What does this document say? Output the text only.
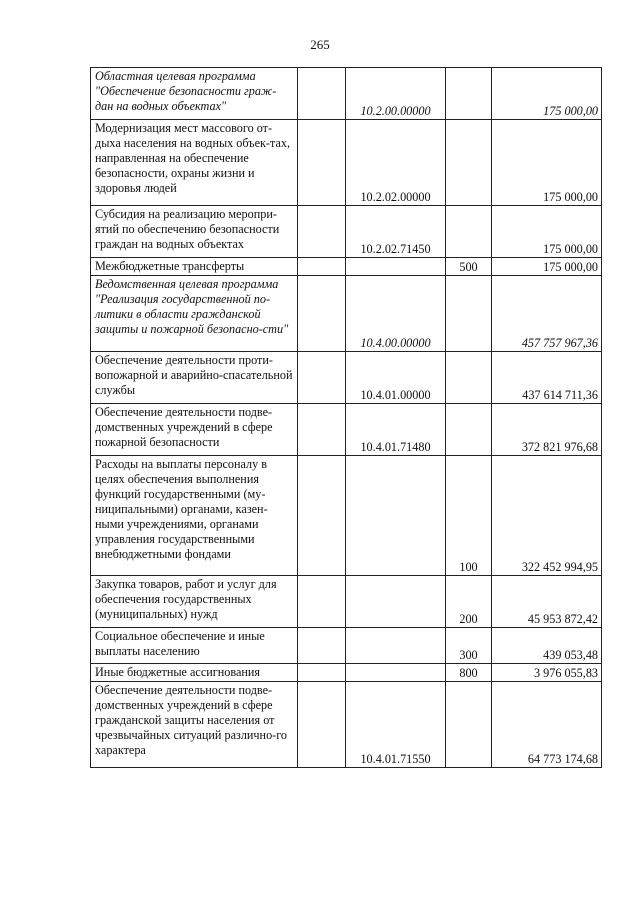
265
Областная целевая программа "Обеспечение безопасности граж-дан на водных объектах"		10.2.00.00000		175 000,00
Модернизация мест массового от-дыха населения на водных объек-тах, направленная на обеспечение безопасности, охраны жизни и здоровья людей		10.2.02.00000		175 000,00
Субсидия на реализацию меропри-ятий по обеспечению безопасности граждан на водных объектах		10.2.02.71450		175 000,00
Межбюджетные трансферты			500	175 000,00
Ведомственная целевая программа "Реализация государственной по-литики в области гражданской защиты и пожарной безопасно-сти"		10.4.00.00000		457 757 967,36
Обеспечение деятельности проти-вопожарной и аварийно-спасательной службы		10.4.01.00000		437 614 711,36
Обеспечение деятельности подве-домственных учреждений в сфере пожарной безопасности		10.4.01.71480		372 821 976,68
Расходы на выплаты персоналу в целях обеспечения выполнения функций государственными (му-ниципальными) органами, казен-ными учреждениями, органами управления государственными внебюджетными фондами			100	322 452 994,95
Закупка товаров, работ и услуг для обеспечения государственных (муниципальных) нужд			200	45 953 872,42
Социальное обеспечение и иные выплаты населению			300	439 053,48
Иные бюджетные ассигнования			800	3 976 055,83
Обеспечение деятельности подве-домственных учреждений в сфере гражданской защиты населения от чрезвычайных ситуаций различно-го характера		10.4.01.71550		64 773 174,68
